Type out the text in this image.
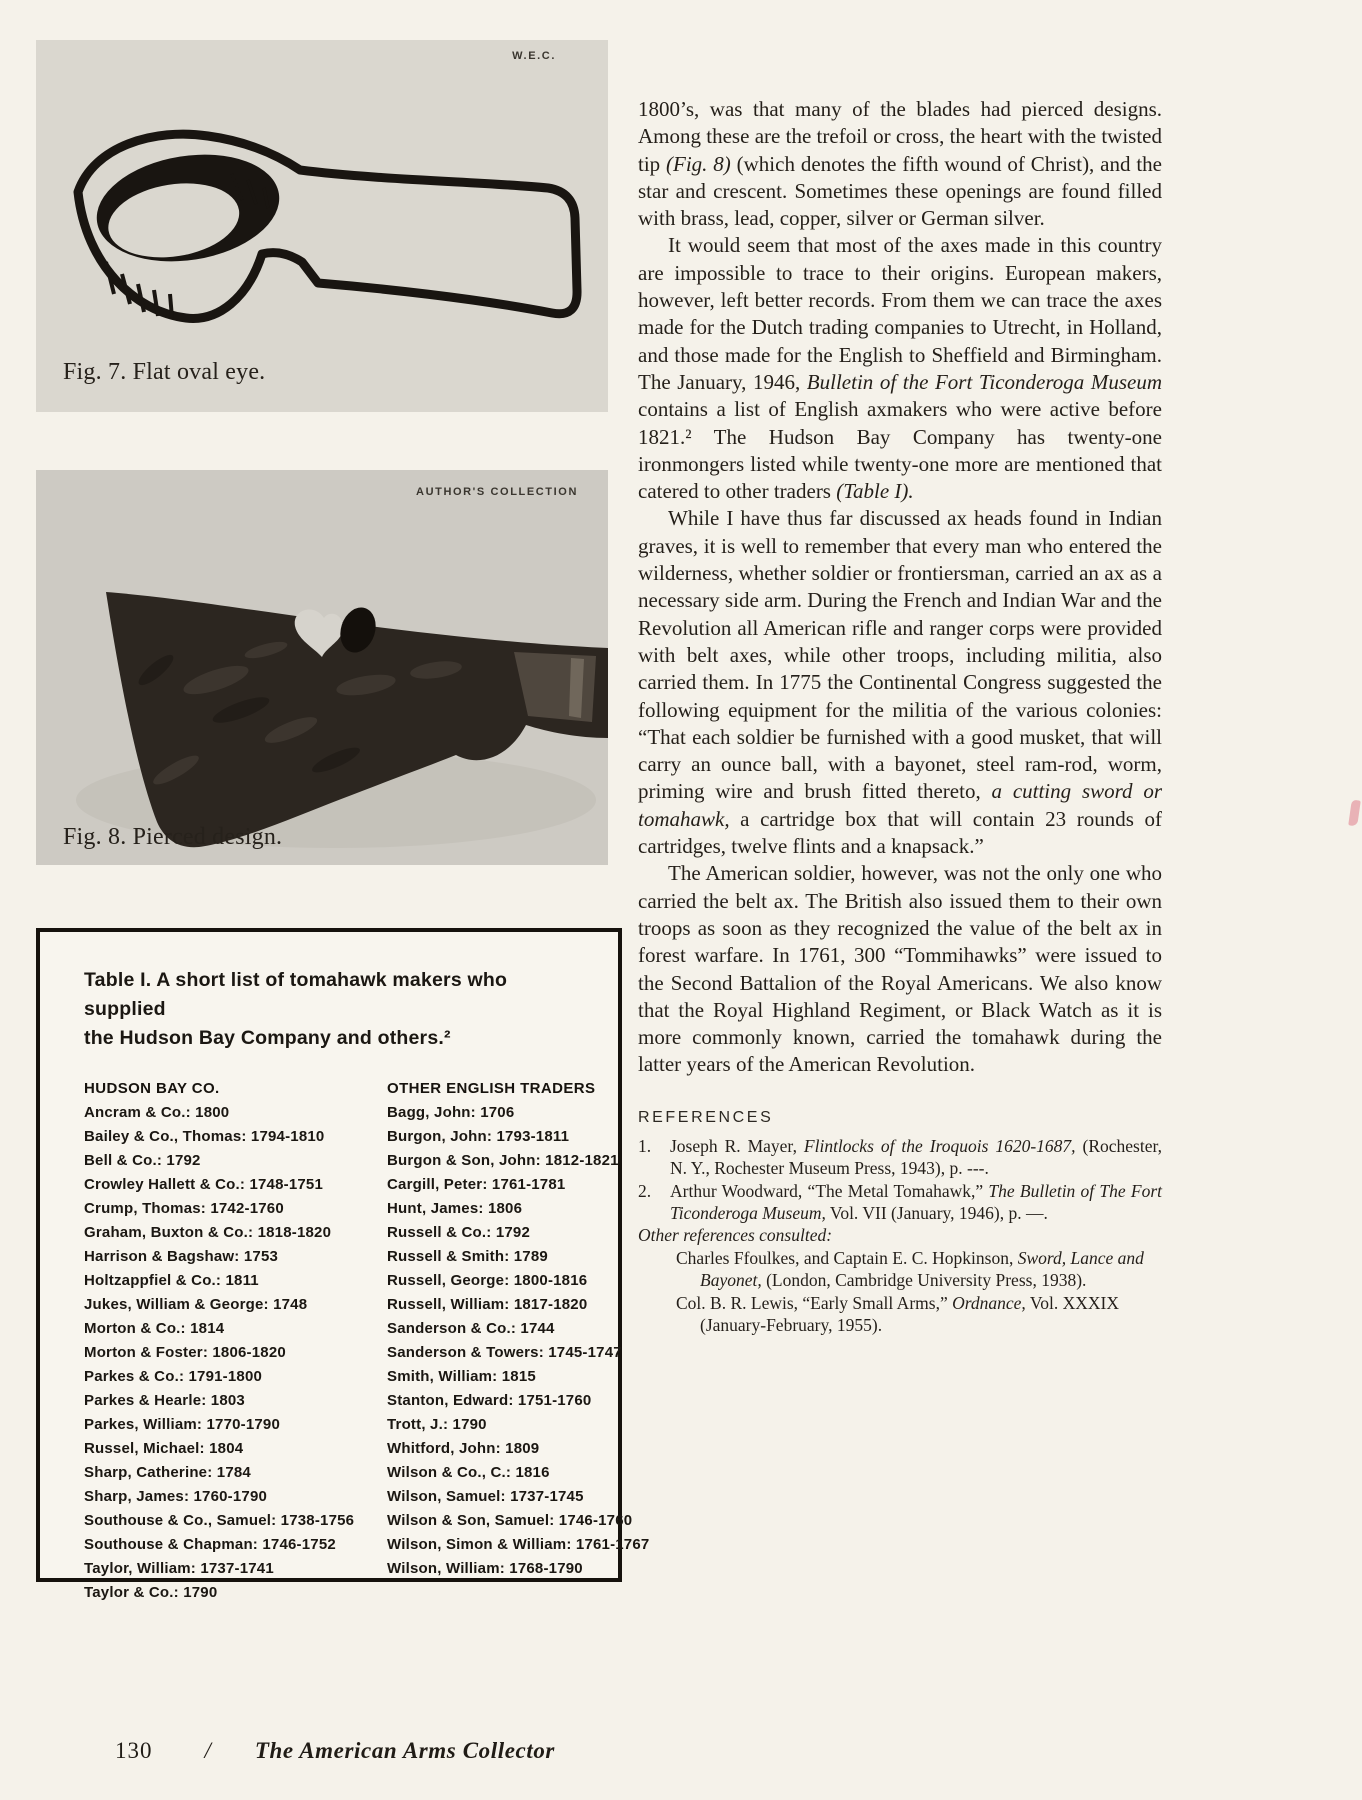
W.E.C.
Fig. 7. Flat oval eye.
AUTHOR'S COLLECTION
Fig. 8. Pierced design.
Table I. A short list of tomahawk makers who supplied
the Hudson Bay Company and others.²
HUDSON BAY CO.
Ancram & Co.: 1800
Bailey & Co., Thomas: 1794-1810
Bell & Co.: 1792
Crowley Hallett & Co.: 1748-1751
Crump, Thomas: 1742-1760
Graham, Buxton & Co.: 1818-1820
Harrison & Bagshaw: 1753
Holtzappfiel & Co.: 1811
Jukes, William & George: 1748
Morton & Co.: 1814
Morton & Foster: 1806-1820
Parkes & Co.: 1791-1800
Parkes & Hearle: 1803
Parkes, William: 1770-1790
Russel, Michael: 1804
Sharp, Catherine: 1784
Sharp, James: 1760-1790
Southouse & Co., Samuel: 1738-1756
Southouse & Chapman: 1746-1752
Taylor, William: 1737-1741
Taylor & Co.: 1790
OTHER ENGLISH TRADERS
Bagg, John: 1706
Burgon, John: 1793-1811
Burgon & Son, John: 1812-1821
Cargill, Peter: 1761-1781
Hunt, James: 1806
Russell & Co.: 1792
Russell & Smith: 1789
Russell, George: 1800-1816
Russell, William: 1817-1820
Sanderson & Co.: 1744
Sanderson & Towers: 1745-1747
Smith, William: 1815
Stanton, Edward: 1751-1760
Trott, J.: 1790
Whitford, John: 1809
Wilson & Co., C.: 1816
Wilson, Samuel: 1737-1745
Wilson & Son, Samuel: 1746-1760
Wilson, Simon & William: 1761-1767
Wilson, William: 1768-1790

1800’s, was that many of the blades had pierced designs. Among these are the trefoil or cross, the heart with the twisted tip (Fig. 8) (which denotes the fifth wound of Christ), and the star and crescent. Sometimes these openings are found filled with brass, lead, copper, silver or German silver.

It would seem that most of the axes made in this country are impossible to trace to their origins. European makers, however, left better records. From them we can trace the axes made for the Dutch trading companies to Utrecht, in Holland, and those made for the English to Sheffield and Birmingham. The January, 1946, Bulletin of the Fort Ticonderoga Museum contains a list of English axmakers who were active before 1821.² The Hudson Bay Company has twenty-one ironmongers listed while twenty-one more are mentioned that catered to other traders (Table I).

While I have thus far discussed ax heads found in Indian graves, it is well to remember that every man who entered the wilderness, whether soldier or frontiersman, carried an ax as a necessary side arm. During the French and Indian War and the Revolution all American rifle and ranger corps were provided with belt axes, while other troops, including militia, also carried them. In 1775 the Continental Congress suggested the following equipment for the militia of the various colonies: “That each soldier be furnished with a good musket, that will carry an ounce ball, with a bayonet, steel ram-rod, worm, priming wire and brush fitted thereto, a cutting sword or tomahawk, a cartridge box that will contain 23 rounds of cartridges, twelve flints and a knapsack.”

The American soldier, however, was not the only one who carried the belt ax. The British also issued them to their own troops as soon as they recognized the value of the belt ax in forest warfare. In 1761, 300 “Tommihawks” were issued to the Second Battalion of the Royal Americans. We also know that the Royal Highland Regiment, or Black Watch as it is more commonly known, carried the tomahawk during the latter years of the American Revolution.

REFERENCES
1.	Joseph R. Mayer, Flintlocks of the Iroquois 1620-1687, (Rochester, N. Y., Rochester Museum Press, 1943), p. ---.
2.	Arthur Woodward, “The Metal Tomahawk,” The Bulletin of The Fort Ticonderoga Museum, Vol. VII (January, 1946), p. —.
Other references consulted:
Charles Ffoulkes, and Captain E. C. Hopkinson, Sword, Lance and Bayonet, (London, Cambridge University Press, 1938).
Col. B. R. Lewis, “Early Small Arms,” Ordnance, Vol. XXXIX (January-February, 1955).
130 / The American Arms Collector
